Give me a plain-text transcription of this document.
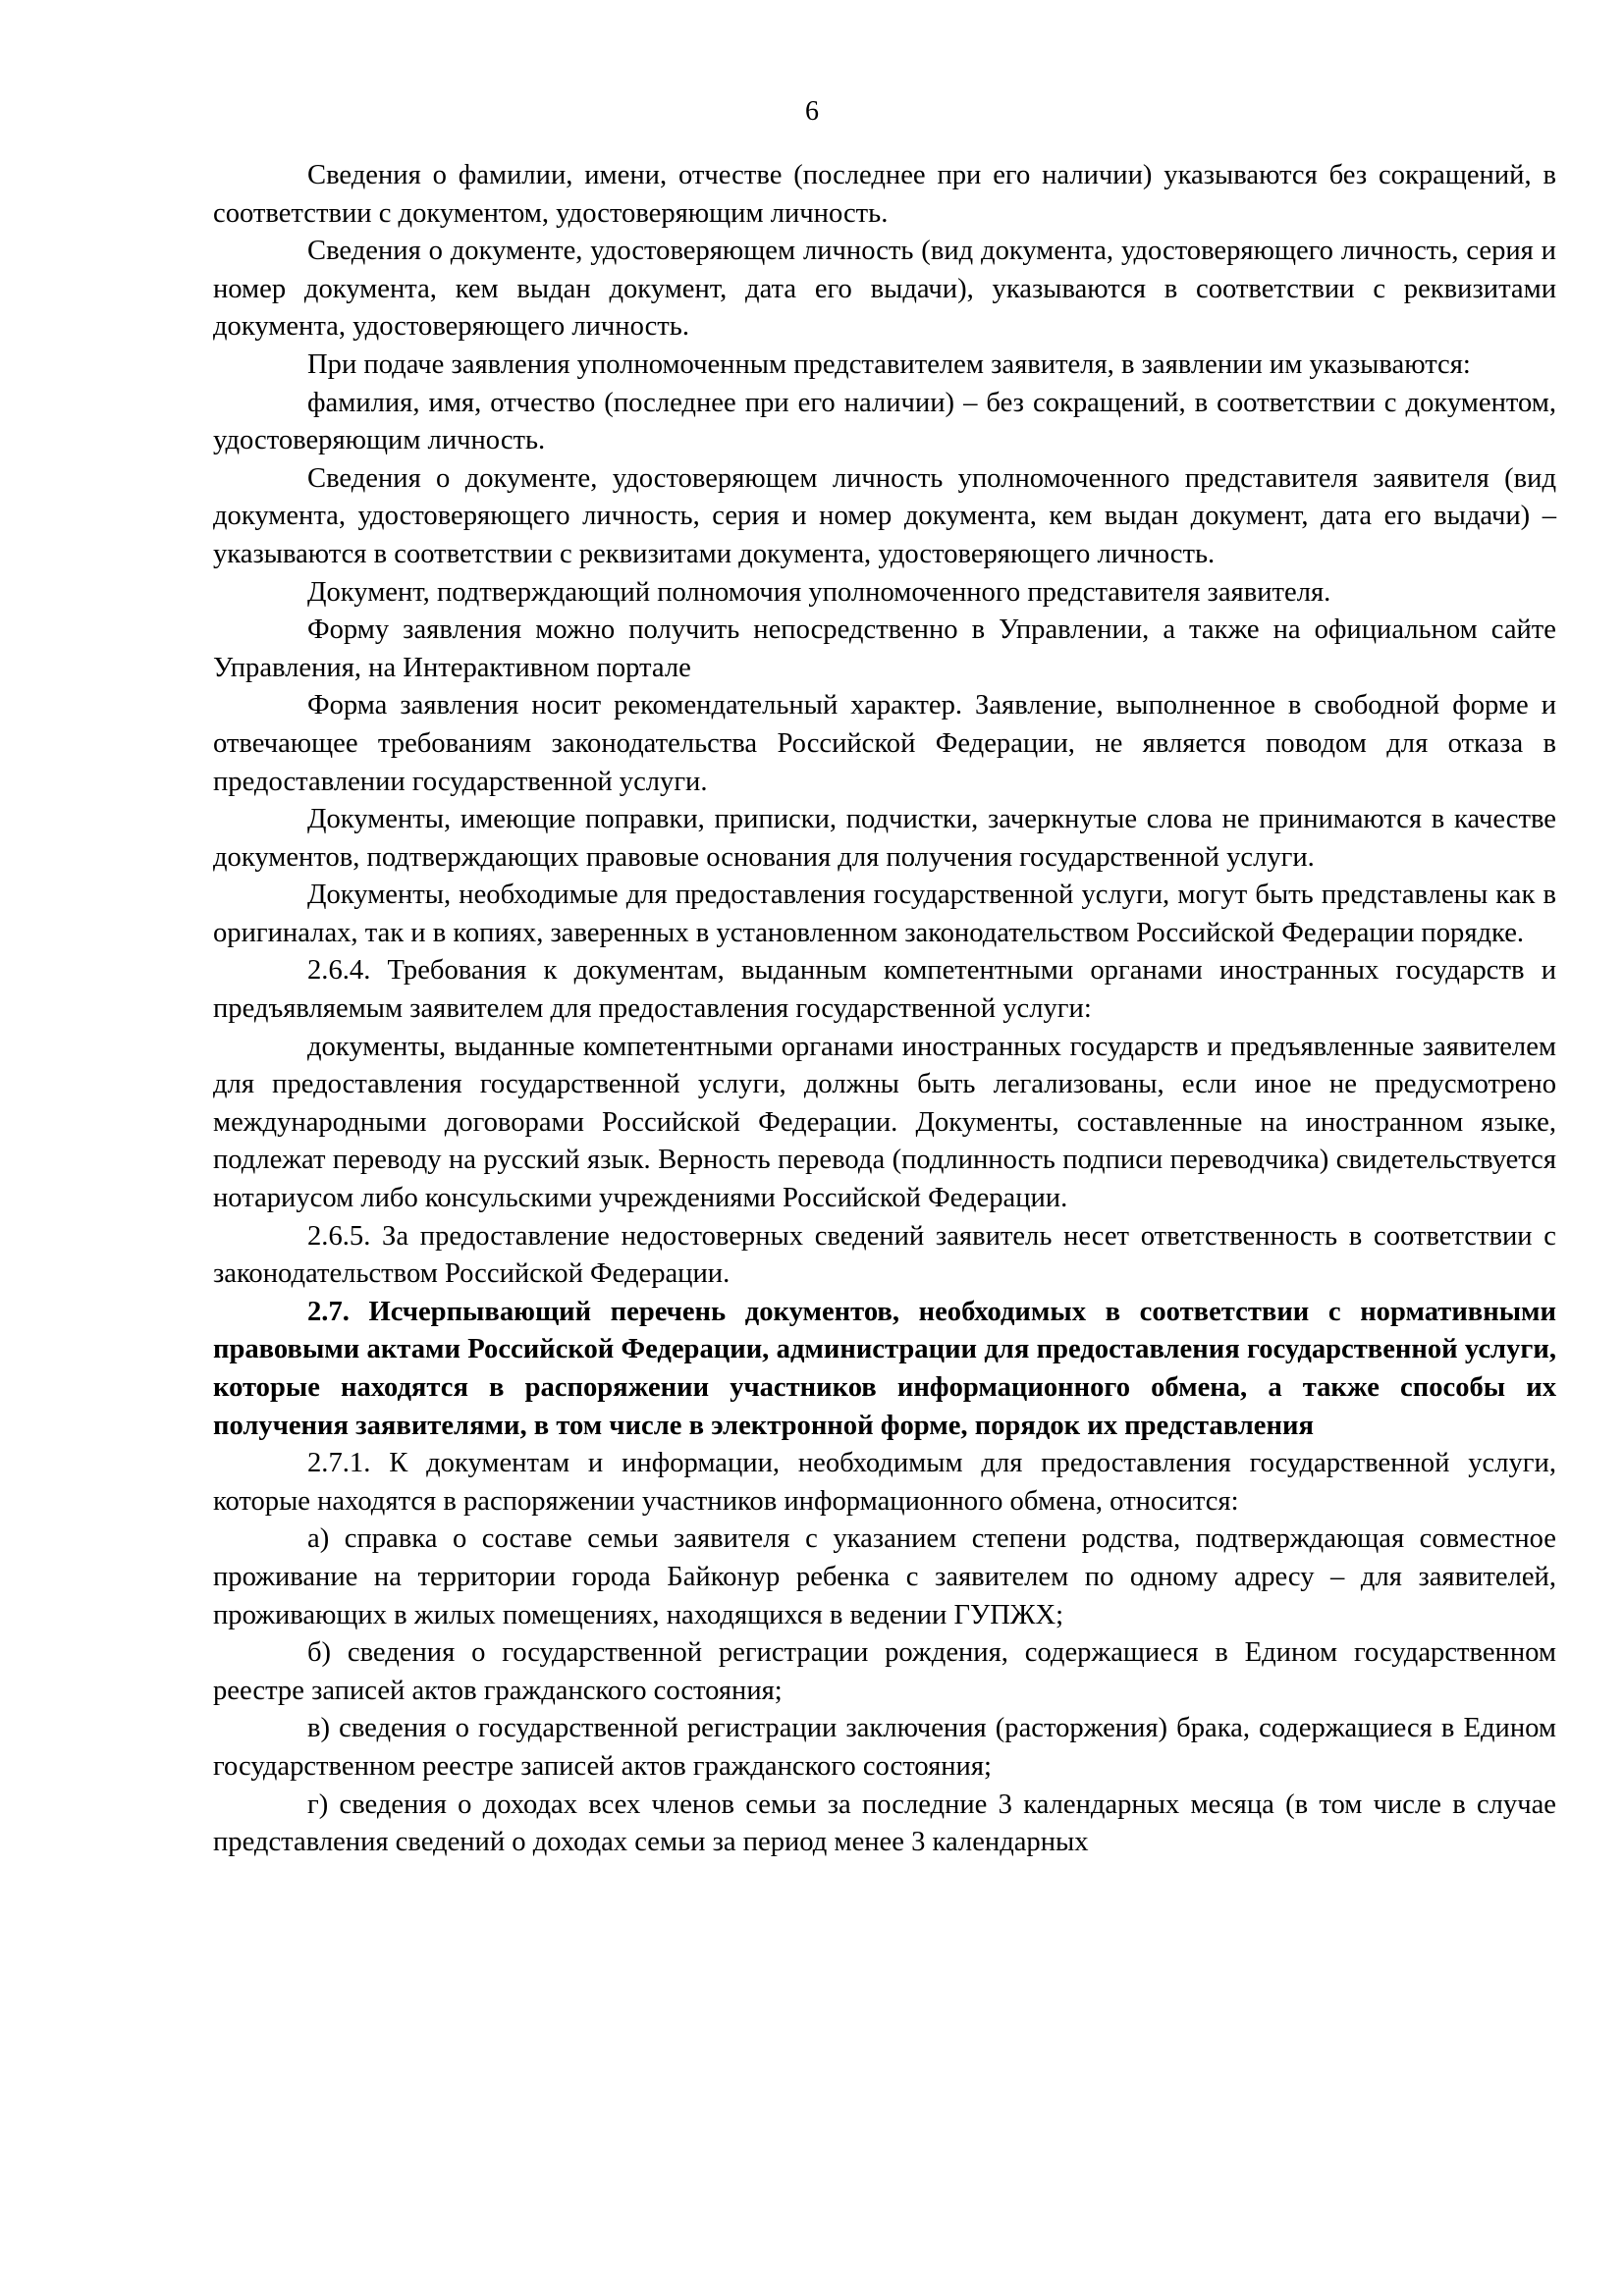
6

Сведения о фамилии, имени, отчестве (последнее при его наличии) указываются без сокращений, в соответствии с документом, удостоверяющим личность.

Сведения о документе, удостоверяющем личность (вид документа, удостоверяющего личность, серия и номер документа, кем выдан документ, дата его выдачи), указываются в соответствии с реквизитами документа, удостоверяющего личность.

При подаче заявления уполномоченным представителем заявителя, в заявлении им указываются:

фамилия, имя, отчество (последнее при его наличии) – без сокращений, в соответствии с документом, удостоверяющим личность.

Сведения о документе, удостоверяющем личность уполномоченного представителя заявителя (вид документа, удостоверяющего личность, серия и номер документа, кем выдан документ, дата его выдачи) – указываются в соответствии с реквизитами документа, удостоверяющего личность.

Документ, подтверждающий полномочия уполномоченного представителя заявителя.

Форму заявления можно получить непосредственно в Управлении, а также на официальном сайте Управления, на Интерактивном портале

Форма заявления носит рекомендательный характер. Заявление, выполненное в свободной форме и отвечающее требованиям законодательства Российской Федерации, не является поводом для отказа в предоставлении государственной услуги.

Документы, имеющие поправки, приписки, подчистки, зачеркнутые слова не принимаются в качестве документов, подтверждающих правовые основания для получения государственной услуги.

Документы, необходимые для предоставления государственной услуги, могут быть представлены как в оригиналах, так и в копиях, заверенных в установленном законодательством Российской Федерации порядке.

2.6.4. Требования к документам, выданным компетентными органами иностранных государств и предъявляемым заявителем для предоставления государственной услуги:

документы, выданные компетентными органами иностранных государств и предъявленные заявителем для предоставления государственной услуги, должны быть легализованы, если иное не предусмотрено международными договорами Российской Федерации. Документы, составленные на иностранном языке, подлежат переводу на русский язык. Верность перевода (подлинность подписи переводчика) свидетельствуется нотариусом либо консульскими учреждениями Российской Федерации.

2.6.5. За предоставление недостоверных сведений заявитель несет ответственность в соответствии с законодательством Российской Федерации.

2.7. Исчерпывающий перечень документов, необходимых в соответствии с нормативными правовыми актами Российской Федерации, администрации для предоставления государственной услуги, которые находятся в распоряжении участников информационного обмена, а также способы их получения заявителями, в том числе в электронной форме, порядок их представления

2.7.1. К документам и информации, необходимым для предоставления государственной услуги, которые находятся в распоряжении участников информационного обмена, относится:

а) справка о составе семьи заявителя с указанием степени родства, подтверждающая совместное проживание на территории города Байконур ребенка с заявителем по одному адресу – для заявителей, проживающих в жилых помещениях, находящихся в ведении ГУПЖХ;

б) сведения о государственной регистрации рождения, содержащиеся в Едином государственном реестре записей актов гражданского состояния;

в) сведения о государственной регистрации заключения (расторжения) брака, содержащиеся в Едином государственном реестре записей актов гражданского состояния;

г) сведения о доходах всех членов семьи за последние 3 календарных месяца (в том числе в случае представления сведений о доходах семьи за период менее 3 календарных
